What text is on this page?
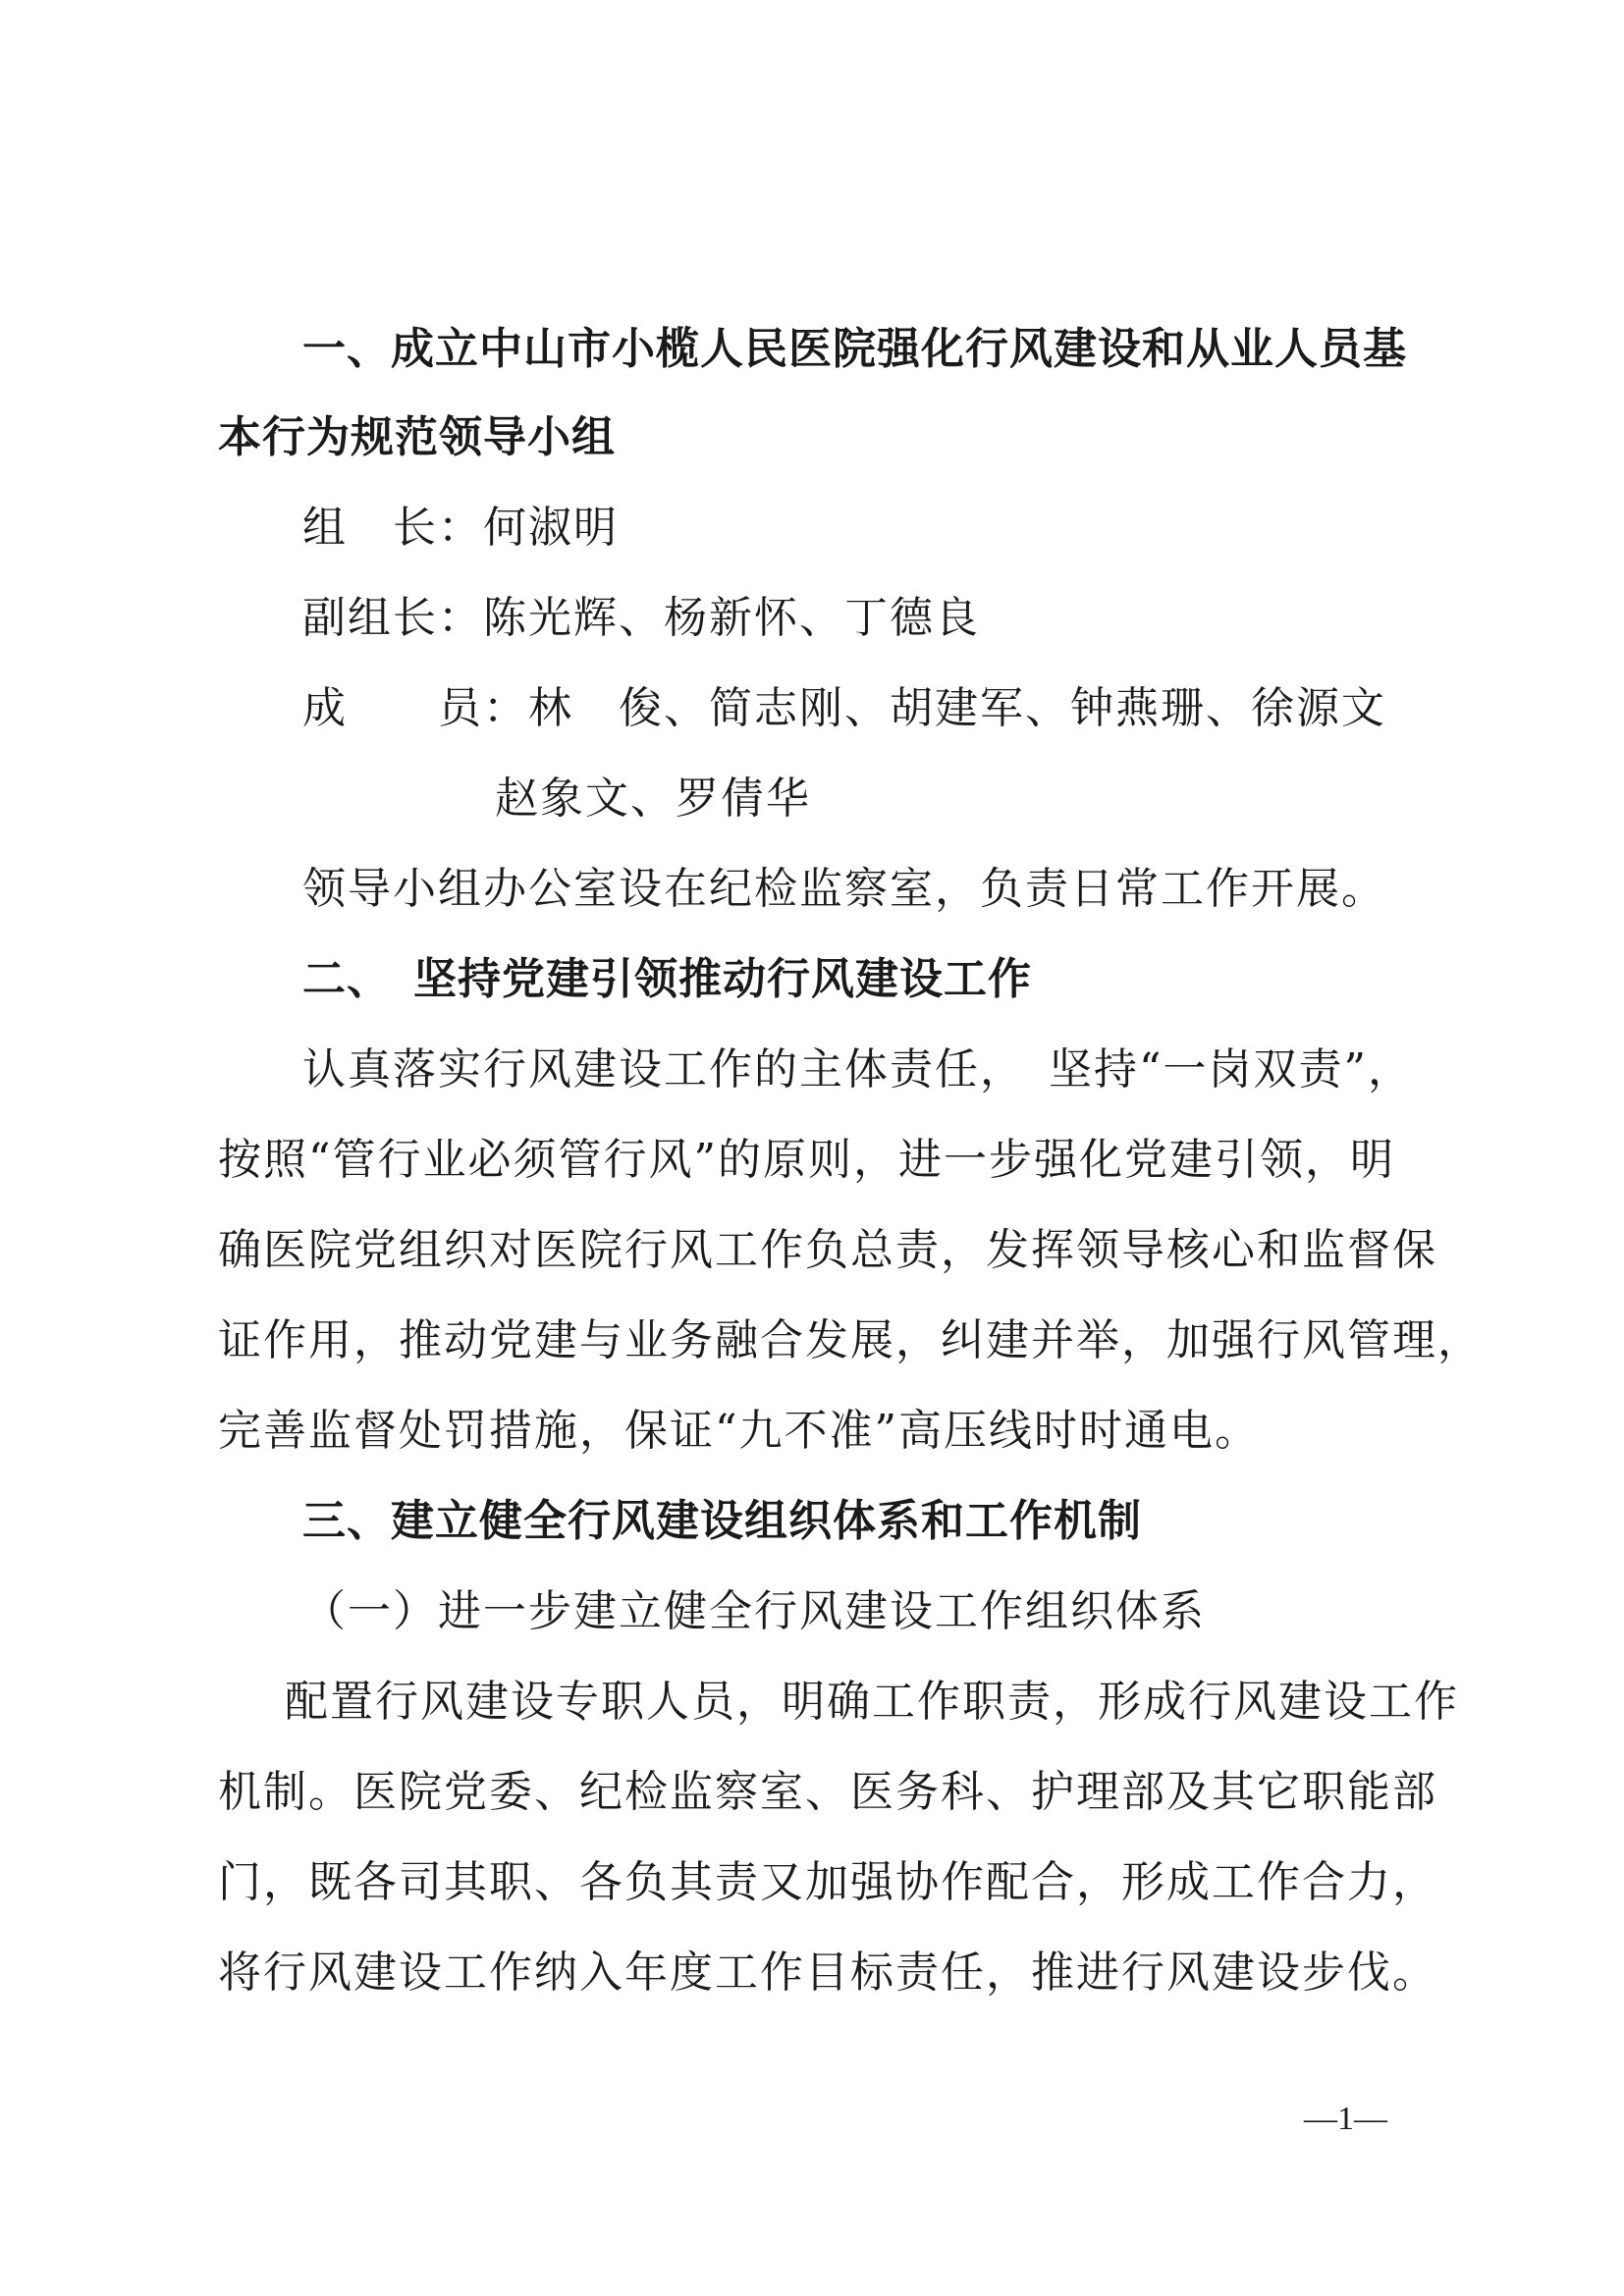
一、成立中山市小榄人民医院强化行风建设和从业人员基
本行为规范领导小组
组　长：何淑明
副组长：陈光辉、杨新怀、丁德良
成　　员：林　俊、简志刚、胡建军、钟燕珊、徐源文
赵象文、罗倩华
领导小组办公室设在纪检监察室，负责日常工作开展。
二、　坚持党建引领推动行风建设工作
认真落实行风建设工作的主体责任，　坚持“一岗双责”，
按照“管行业必须管行风”的原则，进一步强化党建引领，明
确医院党组织对医院行风工作负总责，发挥领导核心和监督保
证作用，推动党建与业务融合发展，纠建并举，加强行风管理，
完善监督处罚措施，保证“九不准”高压线时时通电。
三、建立健全行风建设组织体系和工作机制
（一）进一步建立健全行风建设工作组织体系
配置行风建设专职人员，明确工作职责，形成行风建设工作
机制。医院党委、纪检监察室、医务科、护理部及其它职能部
门，既各司其职、各负其责又加强协作配合，形成工作合力，
将行风建设工作纳入年度工作目标责任，推进行风建设步伐。
—1—
